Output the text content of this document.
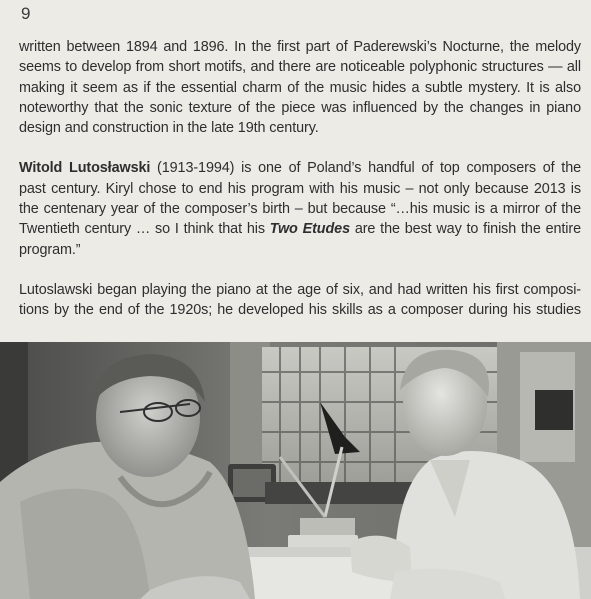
9
written between 1894 and 1896. In the first part of Paderewski’s Nocturne, the melody
seems to develop from short motifs, and there are noticeable polyphonic structures — all
making it seem as if the essential charm of the music hides a subtle mystery. It is also
noteworthy that the sonic texture of the piece was influenced by the changes in piano
design and construction in the late 19th century.
Witold Lutosławski (1913-1994) is one of Poland’s handful of top composers of the
past century. Kiryl chose to end his program with his music – not only because 2013 is
the centenary year of the composer’s birth – but because “…his music is a mirror of the
Twentieth century … so I think that his Two Etudes are the best way to finish the entire
program.”
Lutoslawski began playing the piano at the age of six, and had written his first composi-
tions by the end of the 1920s; he developed his skills as a composer during his studies
